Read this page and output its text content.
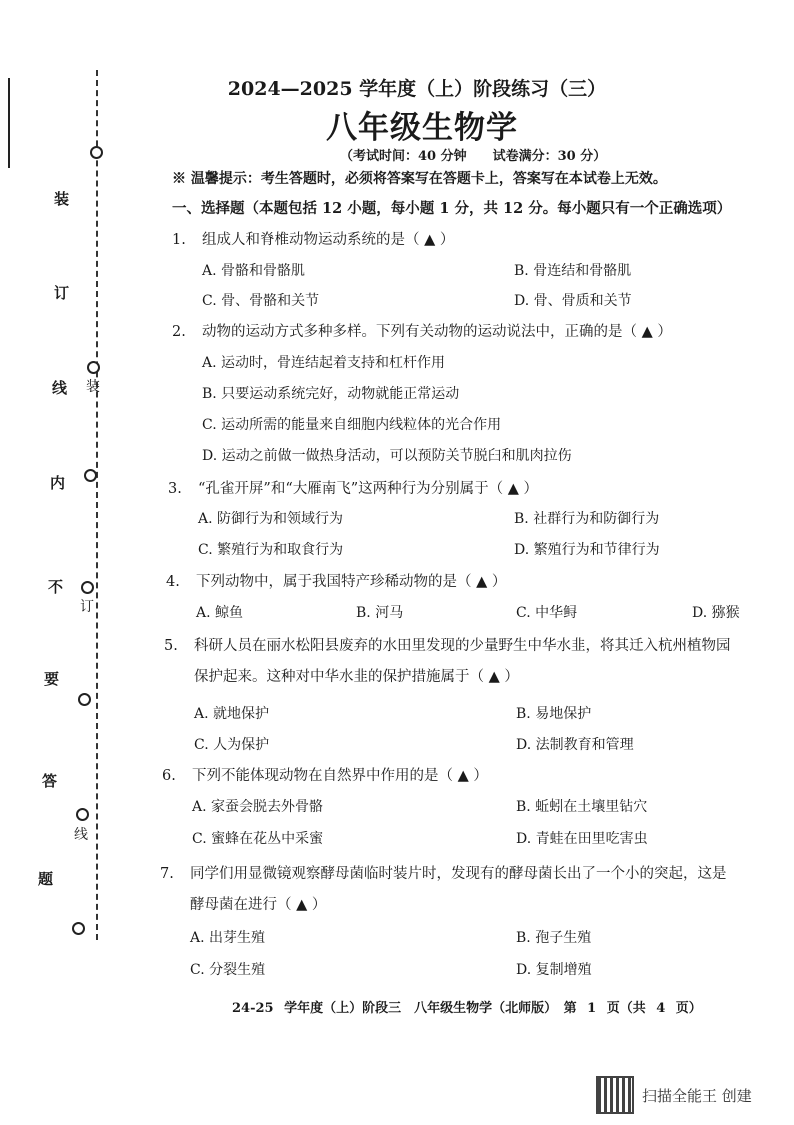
装
订
线
内
不
要
答
题
装
订
线
2024—2025 学年度（上）阶段练习（三）
八年级生物学
（考试时间：40 分钟　　试卷满分：30 分）
※ 温馨提示：考生答题时，必须将答案写在答题卡上，答案写在本试卷上无效。
一、选择题（本题包括 12 小题，每小题 1 分，共 12 分。每小题只有一个正确选项）
1. 组成人和脊椎动物运动系统的是（ ▲ ）
A. 骨骼和骨骼肌	B. 骨连结和骨骼肌
C. 骨、骨骼和关节	D. 骨、骨质和关节
2. 动物的运动方式多种多样。下列有关动物的运动说法中，正确的是（ ▲ ）
A. 运动时，骨连结起着支持和杠杆作用
B. 只要运动系统完好，动物就能正常运动
C. 运动所需的能量来自细胞内线粒体的光合作用
D. 运动之前做一做热身活动，可以预防关节脱臼和肌肉拉伤
3. “孔雀开屏”和“大雁南飞”这两种行为分别属于（ ▲ ）
A. 防御行为和领域行为	B. 社群行为和防御行为
C. 繁殖行为和取食行为	D. 繁殖行为和节律行为
4. 下列动物中，属于我国特产珍稀动物的是（ ▲ ）
A. 鲸鱼	B. 河马	C. 中华鲟	D. 猕猴
5. 科研人员在丽水松阳县废弃的水田里发现的少量野生中华水韭，将其迁入杭州植物园
保护起来。这种对中华水韭的保护措施属于（ ▲ ）
A. 就地保护	B. 易地保护
C. 人为保护	D. 法制教育和管理
6. 下列不能体现动物在自然界中作用的是（ ▲ ）
A. 家蚕会脱去外骨骼	B. 蚯蚓在土壤里钻穴
C. 蜜蜂在花丛中采蜜	D. 青蛙在田里吃害虫
7. 同学们用显微镜观察酵母菌临时装片时，发现有的酵母菌长出了一个小的突起，这是
酵母菌在进行（ ▲ ）
A. 出芽生殖	B. 孢子生殖
C. 分裂生殖	D. 复制增殖
24-25 学年度（上）阶段三　八年级生物学（北师版）　第 1 页（共 4 页）
扫描全能王 创建
